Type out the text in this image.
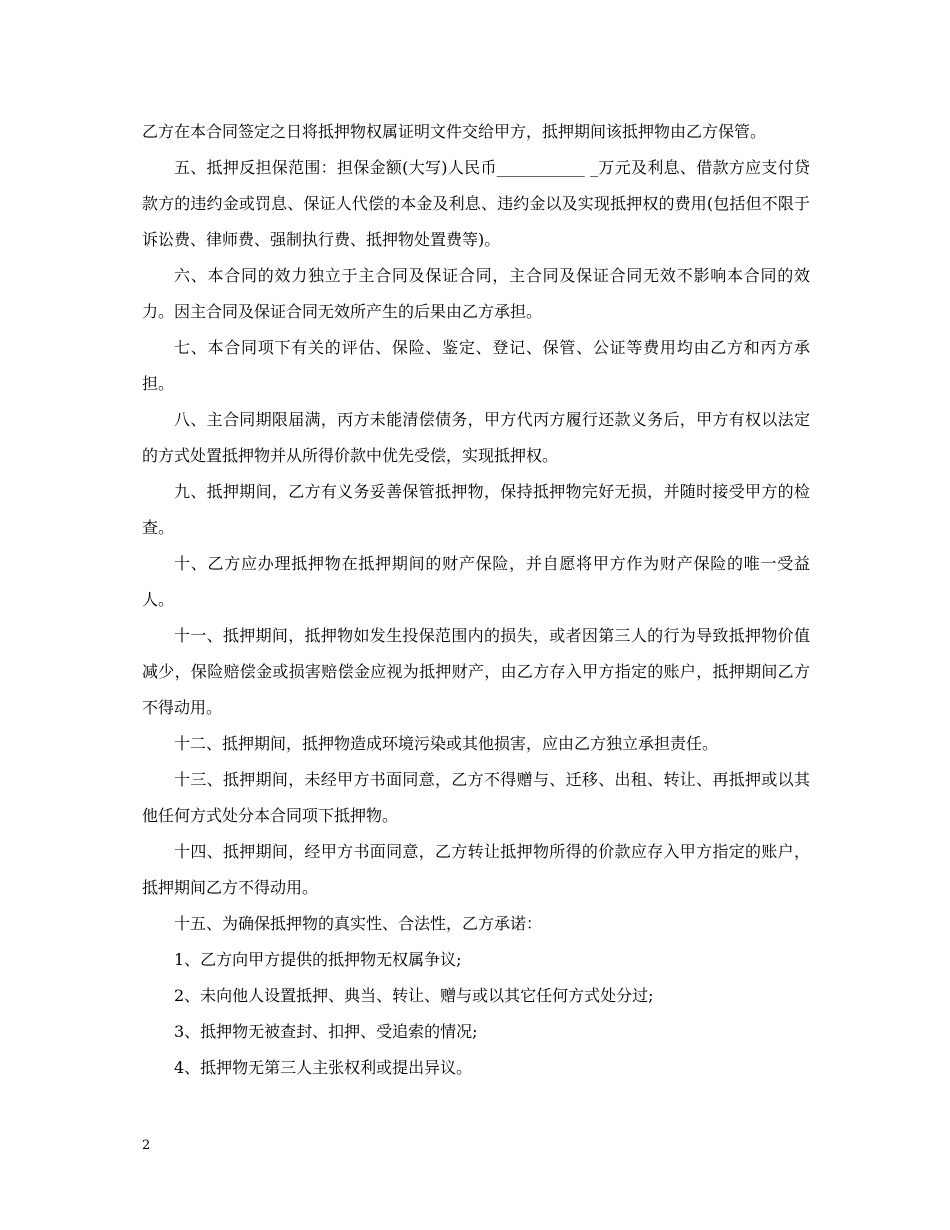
乙方在本合同签定之日将抵押物权属证明文件交给甲方，抵押期间该抵押物由乙方保管。

五、抵押反担保范围：担保金额(大写)人民币___________ _万元及利息、借款方应支付贷款方的违约金或罚息、保证人代偿的本金及利息、违约金以及实现抵押权的费用(包括但不限于诉讼费、律师费、强制执行费、抵押物处置费等)。

六、本合同的效力独立于主合同及保证合同，主合同及保证合同无效不影响本合同的效力。因主合同及保证合同无效所产生的后果由乙方承担。

七、本合同项下有关的评估、保险、鉴定、登记、保管、公证等费用均由乙方和丙方承担。

八、主合同期限届满，丙方未能清偿债务，甲方代丙方履行还款义务后，甲方有权以法定的方式处置抵押物并从所得价款中优先受偿，实现抵押权。

九、抵押期间，乙方有义务妥善保管抵押物，保持抵押物完好无损，并随时接受甲方的检查。

十、乙方应办理抵押物在抵押期间的财产保险，并自愿将甲方作为财产保险的唯一受益人。

十一、抵押期间，抵押物如发生投保范围内的损失，或者因第三人的行为导致抵押物价值减少，保险赔偿金或损害赔偿金应视为抵押财产，由乙方存入甲方指定的账户，抵押期间乙方不得动用。

十二、抵押期间，抵押物造成环境污染或其他损害，应由乙方独立承担责任。

十三、抵押期间，未经甲方书面同意，乙方不得赠与、迁移、出租、转让、再抵押或以其他任何方式处分本合同项下抵押物。

十四、抵押期间，经甲方书面同意，乙方转让抵押物所得的价款应存入甲方指定的账户，抵押期间乙方不得动用。

十五、为确保抵押物的真实性、合法性，乙方承诺：

1、乙方向甲方提供的抵押物无权属争议;

2、未向他人设置抵押、典当、转让、赠与或以其它任何方式处分过;

3、抵押物无被查封、扣押、受追索的情况;

4、抵押物无第三人主张权利或提出异议。

2
